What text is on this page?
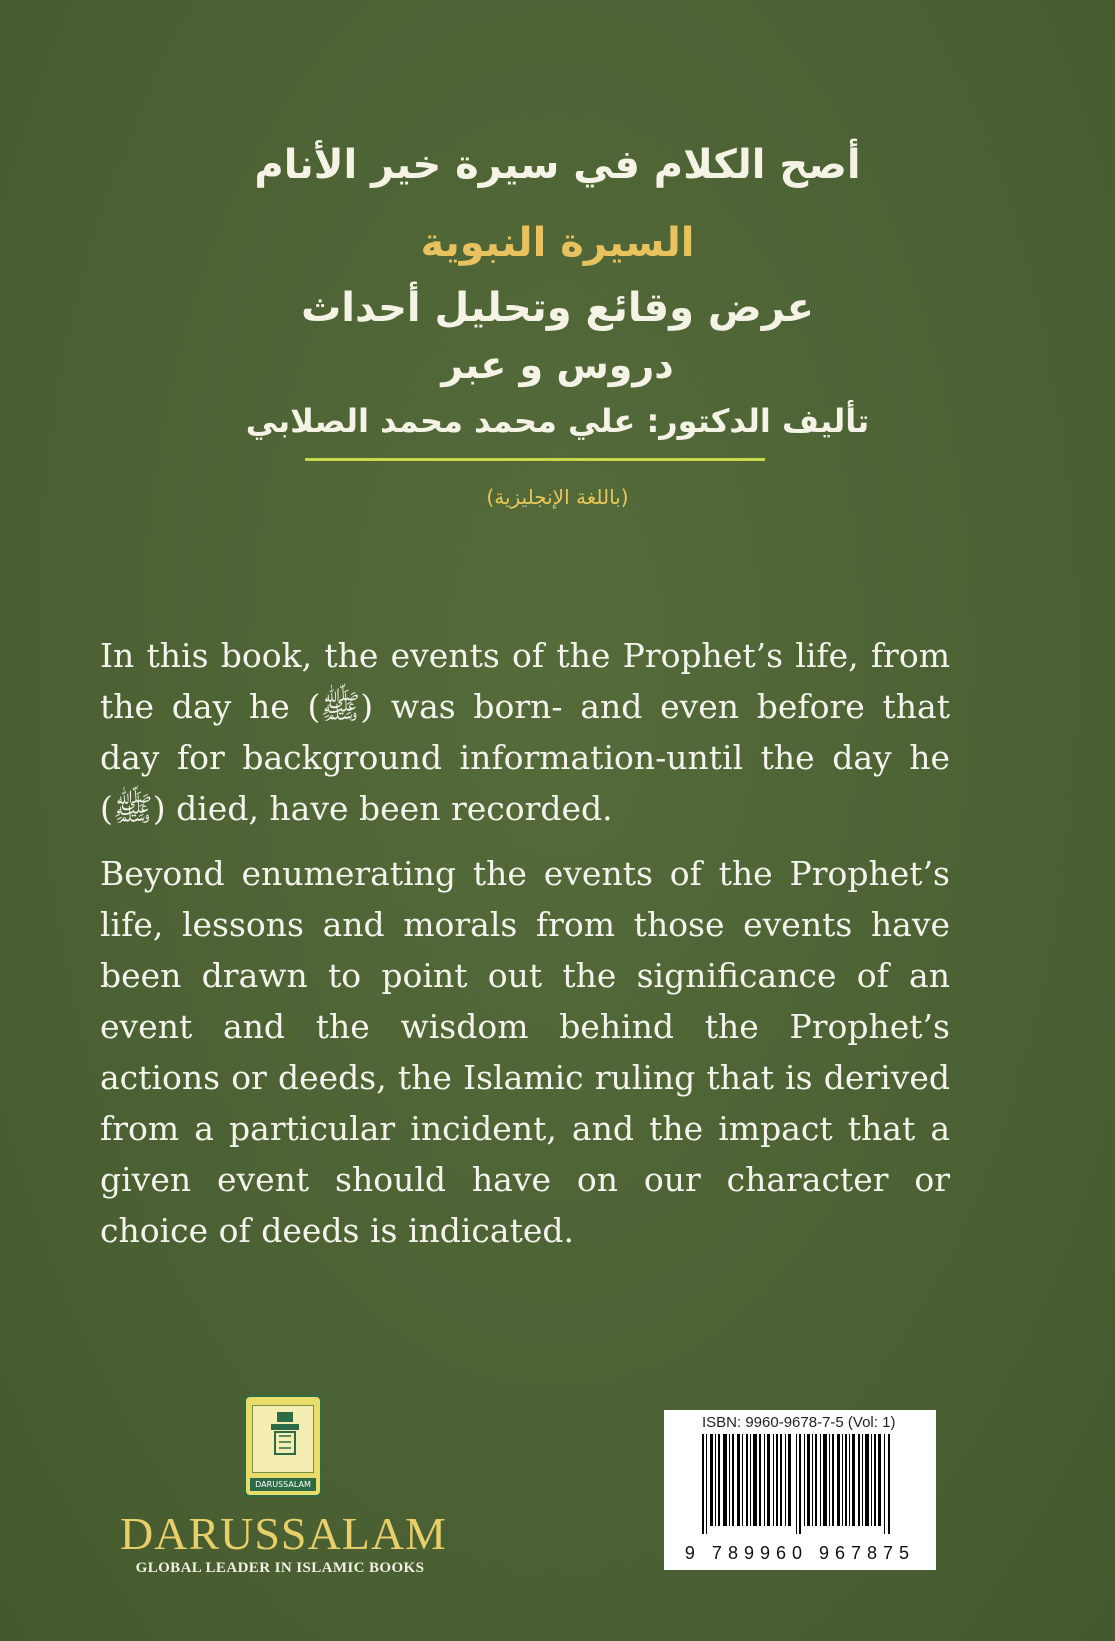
أصح الكلام في سيرة خير الأنام
السيرة النبوية
عرض وقائع وتحليل أحداث
دروس و عبر
تأليف الدكتور: علي محمد محمد الصلابي
(باللغة الإنجليزية)
In this book, the events of the Prophet’s life, from the day he (ﷺ) was born- and even before that day for background information-until the day he (ﷺ) died, have been recorded.
Beyond enumerating the events of the Prophet’s life, lessons and morals from those events have been drawn to point out the significance of an event and the wisdom behind the Prophet’s actions or deeds, the Islamic ruling that is derived from a particular incident, and the impact that a given event should have on our character or choice of deeds is indicated.
DARUSSALAM
DARUSSALAM
GLOBAL LEADER IN ISLAMIC BOOKS
ISBN: 9960-9678-7-5 (Vol: 1)
9 789960 967875
